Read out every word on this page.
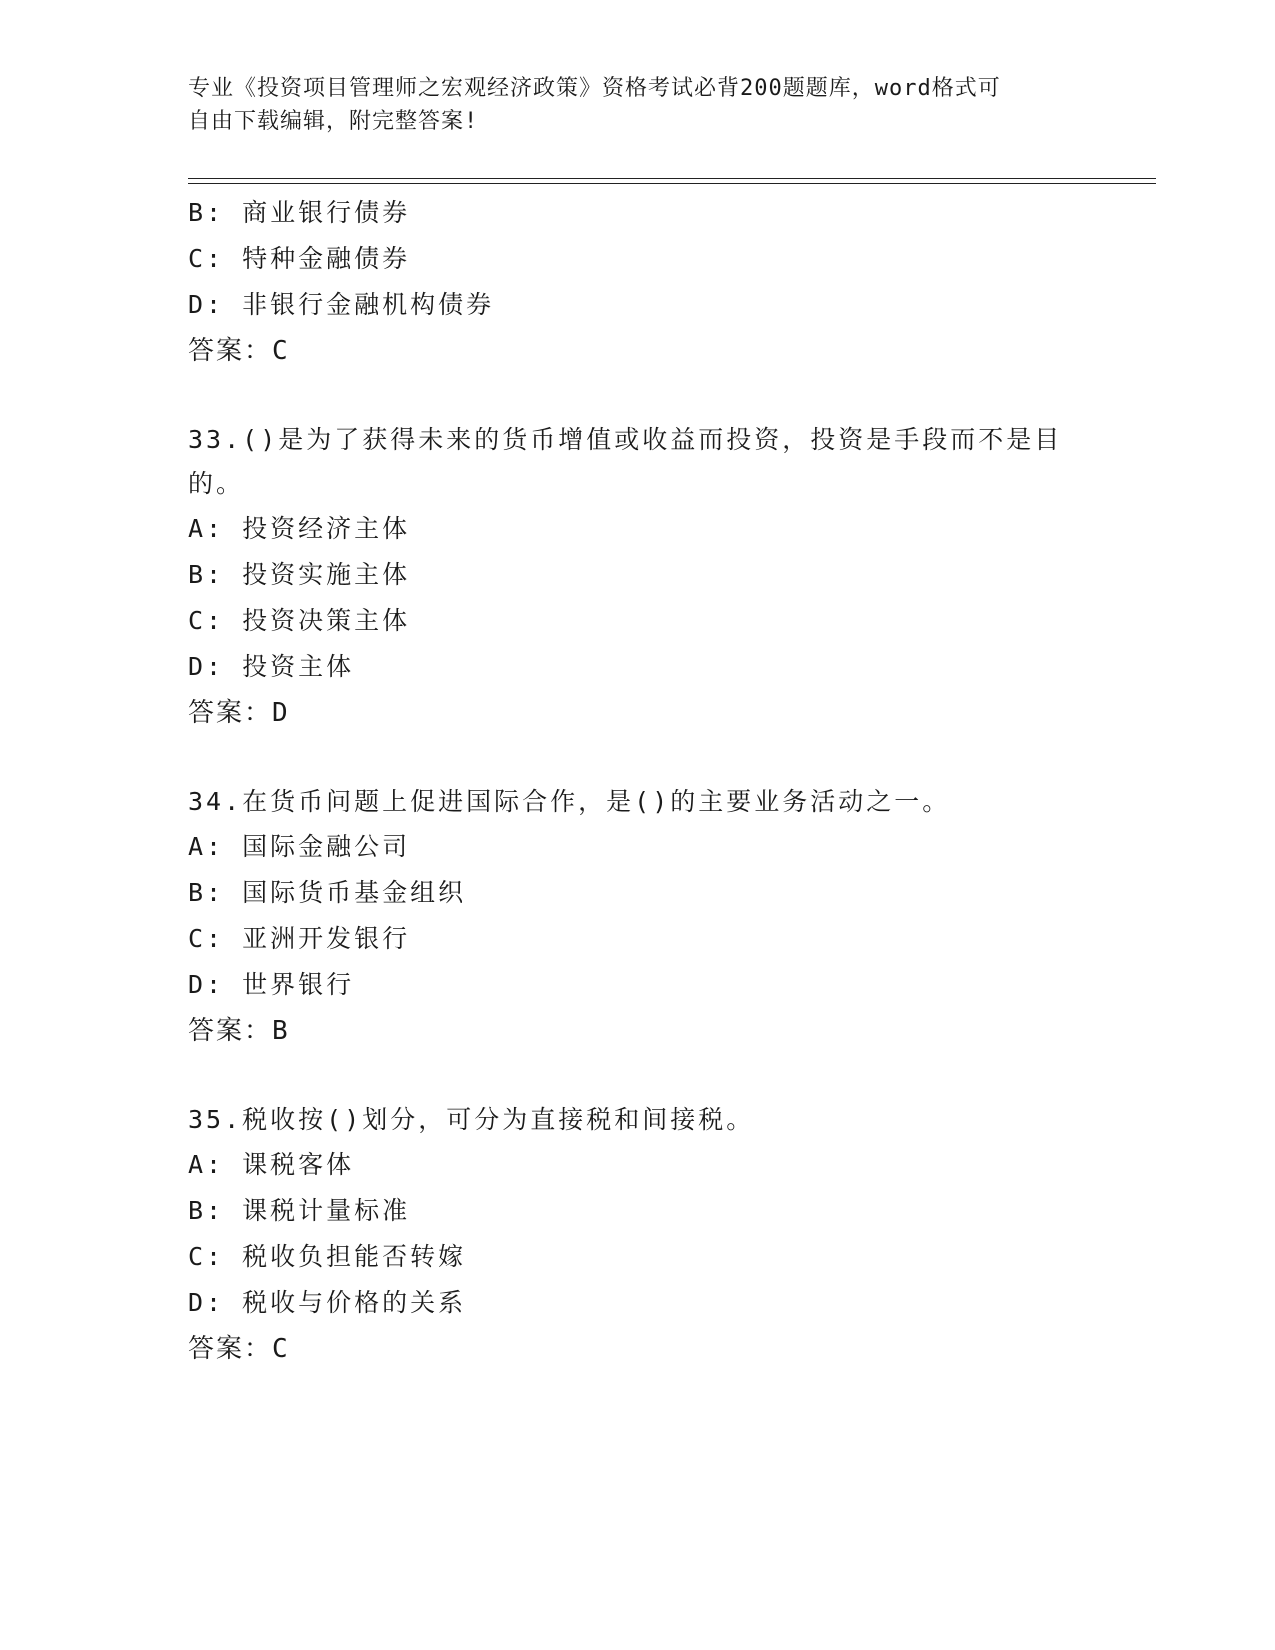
专业《投资项目管理师之宏观经济政策》资格考试必背200题题库，word格式可
自由下载编辑，附完整答案!
B: 商业银行债券
C: 特种金融债券
D: 非银行金融机构债券
答案：C
33.()是为了获得未来的货币增值或收益而投资，投资是手段而不是目
的。
A: 投资经济主体
B: 投资实施主体
C: 投资决策主体
D: 投资主体
答案：D
34.在货币问题上促进国际合作，是()的主要业务活动之一。
A: 国际金融公司
B: 国际货币基金组织
C: 亚洲开发银行
D: 世界银行
答案：B
35.税收按()划分，可分为直接税和间接税。
A: 课税客体
B: 课税计量标准
C: 税收负担能否转嫁
D: 税收与价格的关系
答案：C
